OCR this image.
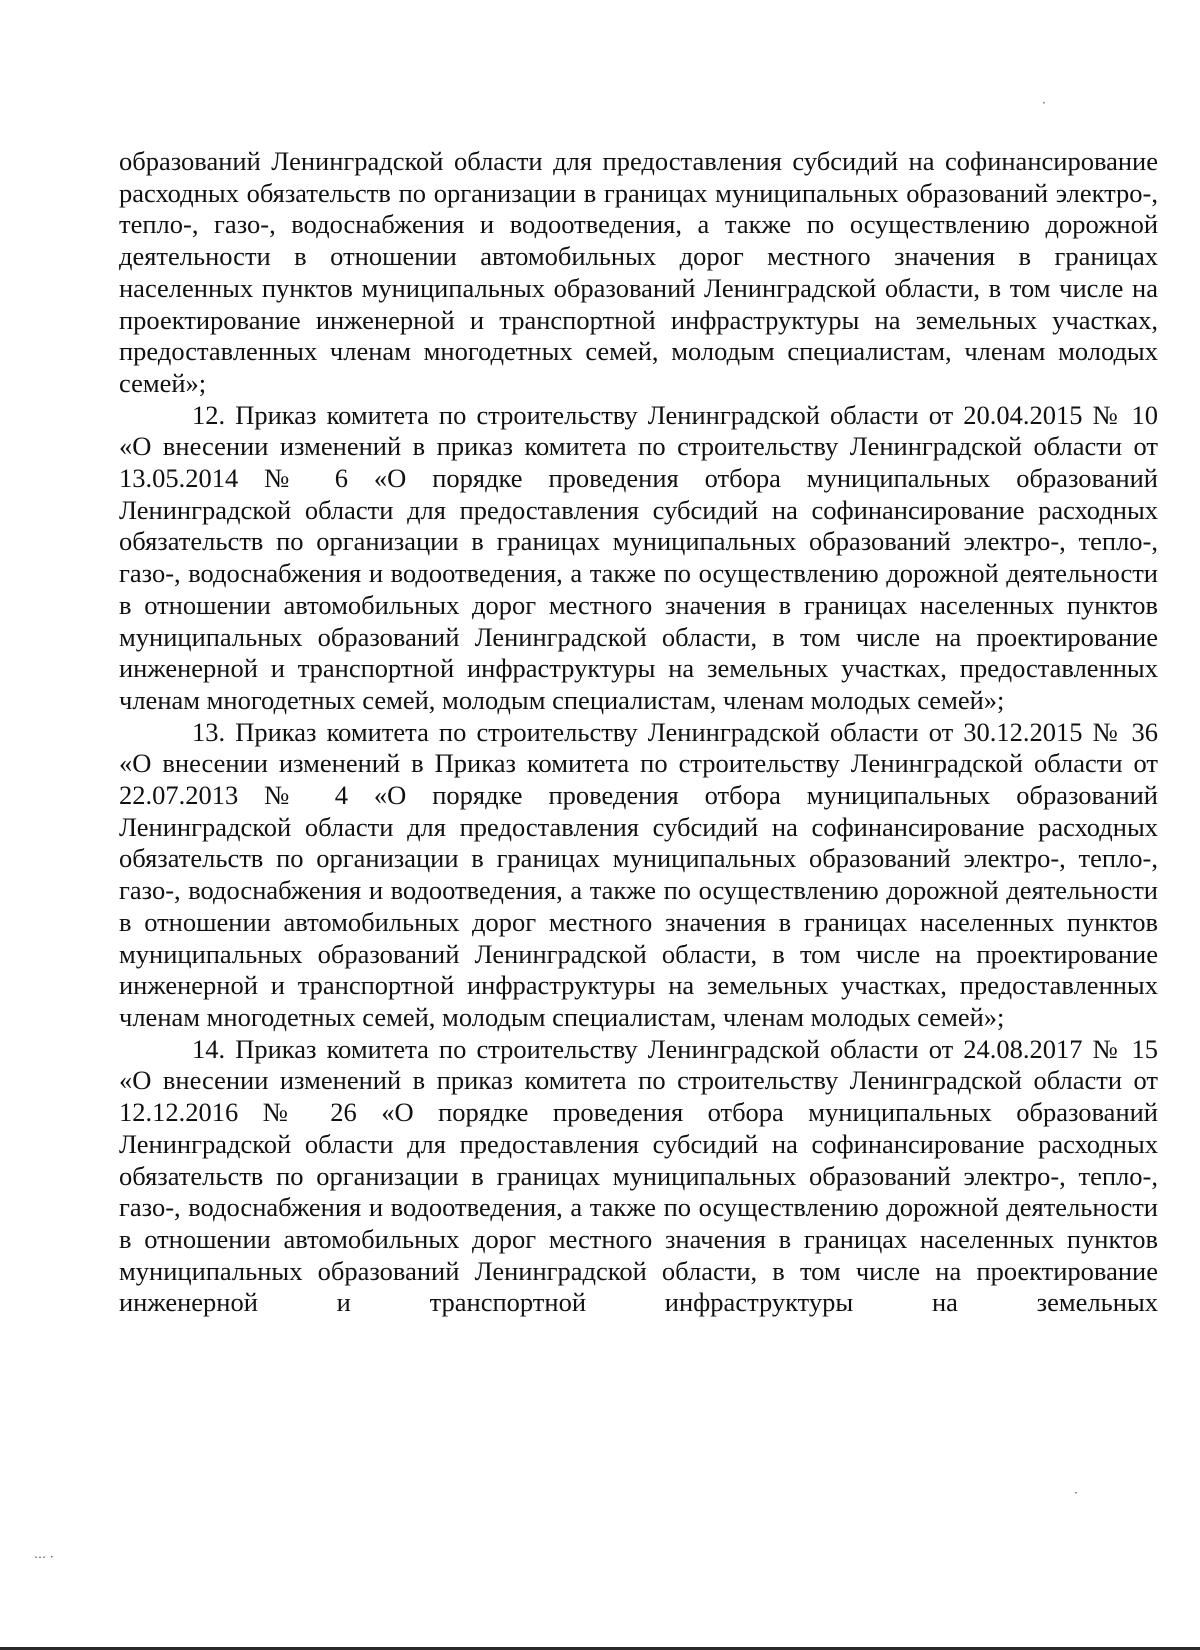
образований Ленинградской области для предоставления субсидий на софинансирование расходных обязательств по организации в границах муниципальных образований электро-, тепло-, газо-, водоснабжения и водоотведения, а также по осуществлению дорожной деятельности в отношении автомобильных дорог местного значения в границах населенных пунктов муниципальных образований Ленинградской области, в том числе на проектирование инженерной и транспортной инфраструктуры на земельных участках, предоставленных членам многодетных семей, молодым специалистам, членам молодых семей»;

12. Приказ комитета по строительству Ленинградской области от 20.04.2015 № 10 «О внесении изменений в приказ комитета по строительству Ленинградской области от 13.05.2014 № 6 «О порядке проведения отбора муниципальных образований Ленинградской области для предоставления субсидий на софинансирование расходных обязательств по организации в границах муниципальных образований электро-, тепло-, газо-, водоснабжения и водоотведения, а также по осуществлению дорожной деятельности в отношении автомобильных дорог местного значения в границах населенных пунктов муниципальных образований Ленинградской области, в том числе на проектирование инженерной и транспортной инфраструктуры на земельных участках, предоставленных членам многодетных семей, молодым специалистам, членам молодых семей»;

13. Приказ комитета по строительству Ленинградской области от 30.12.2015 № 36 «О внесении изменений в Приказ комитета по строительству Ленинградской области от 22.07.2013 № 4 «О порядке проведения отбора муниципальных образований Ленинградской области для предоставления субсидий на софинансирование расходных обязательств по организации в границах муниципальных образований электро-, тепло-, газо-, водоснабжения и водоотведения, а также по осуществлению дорожной деятельности в отношении автомобильных дорог местного значения в границах населенных пунктов муниципальных образований Ленинградской области, в том числе на проектирование инженерной и транспортной инфраструктуры на земельных участках, предоставленных членам многодетных семей, молодым специалистам, членам молодых семей»;

14. Приказ комитета по строительству Ленинградской области от 24.08.2017 № 15 «О внесении изменений в приказ комитета по строительству Ленинградской области от 12.12.2016 № 26 «О порядке проведения отбора муниципальных образований Ленинградской области для предоставления субсидий на софинансирование расходных обязательств по организации в границах муниципальных образований электро-, тепло-, газо-, водоснабжения и водоотведения, а также по осуществлению дорожной деятельности в отношении автомобильных дорог местного значения в границах населенных пунктов муниципальных образований Ленинградской области, в том числе на проектирование инженерной и транспортной инфраструктуры на земельных

⋯ ·
·
·
